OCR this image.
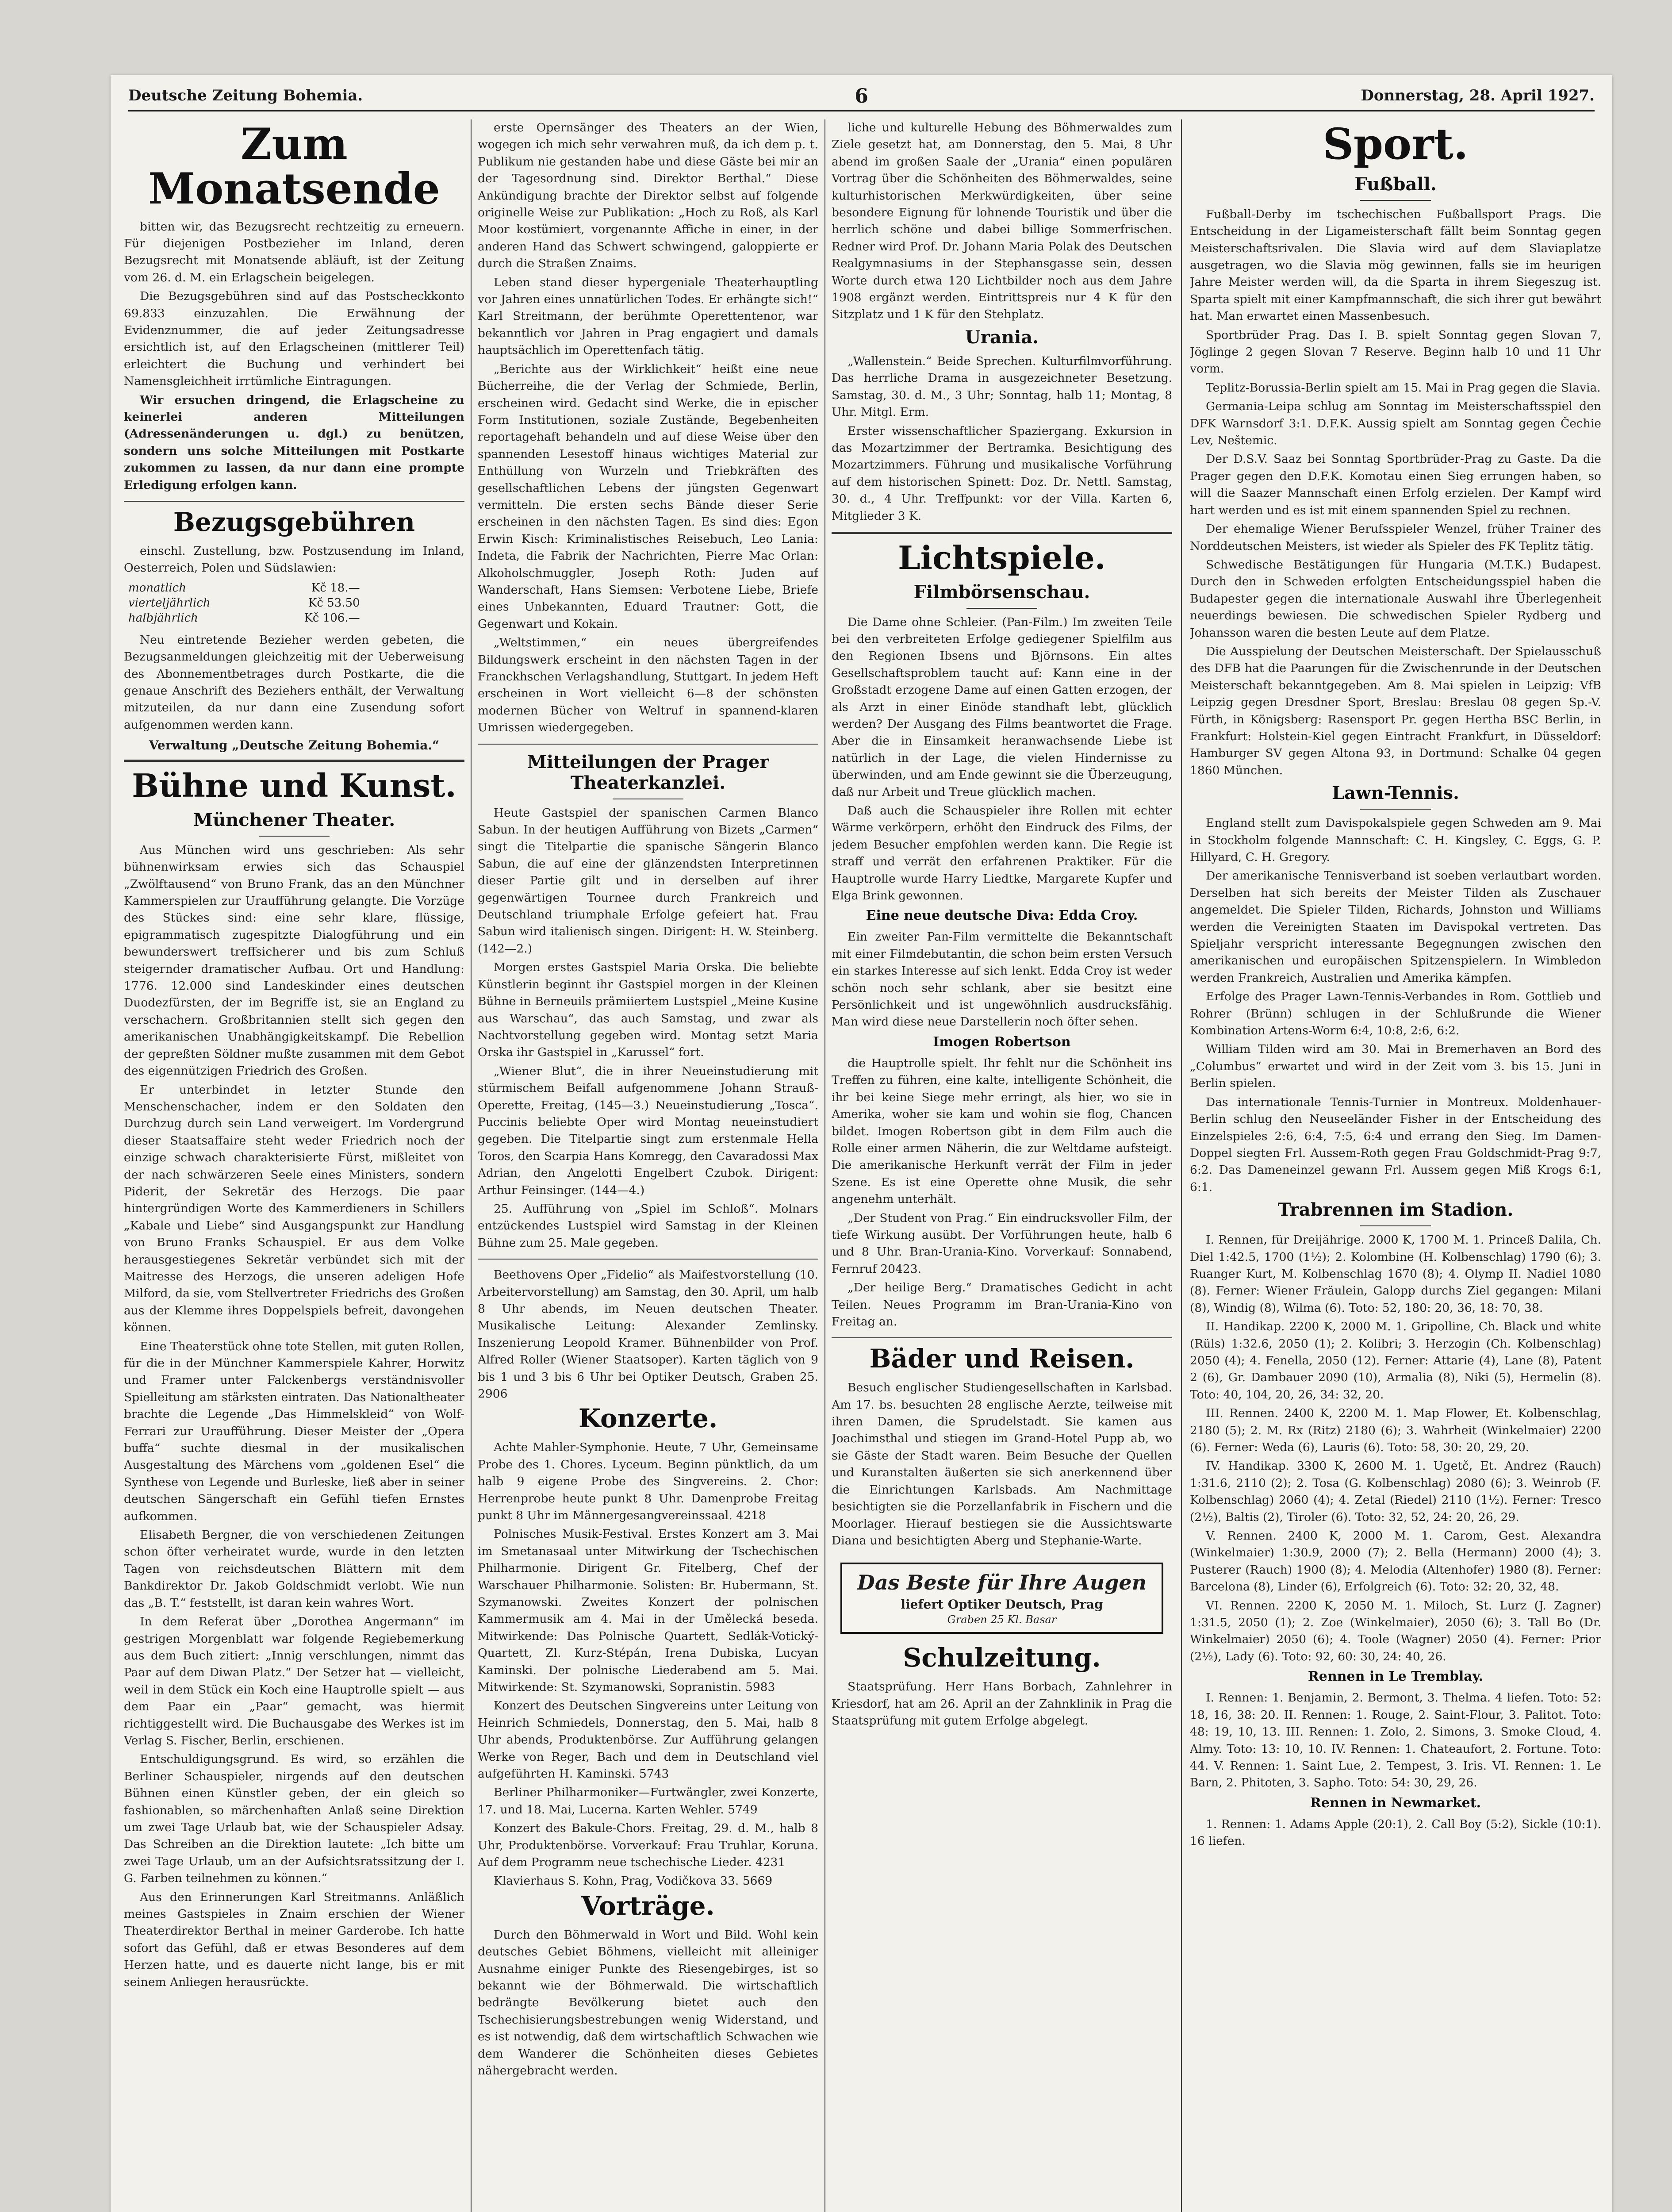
Deutsche Zeitung Bohemia.	6	Donnerstag, 28. April 1927.
Zum Monatsende

bitten wir, das Bezugsrecht rechtzeitig zu erneuern. Für diejenigen Postbezieher im Inland, deren Bezugsrecht mit Monatsende abläuft, ist der Zeitung vom 26. d. M. ein Erlagschein beigelegen.

Die Bezugsgebühren sind auf das Postscheckkonto 69.833 einzuzahlen. Die Erwähnung der Evidenznummer, die auf jeder Zeitungsadresse ersichtlich ist, auf den Erlagscheinen (mittlerer Teil) erleichtert die Buchung und verhindert bei Namensgleichheit irrtümliche Eintragungen.

Wir ersuchen dringend, die Erlagscheine zu keinerlei anderen Mitteilungen (Adressenänderungen u. dgl.) zu benützen, sondern uns solche Mitteilungen mit Postkarte zukommen zu lassen, da nur dann eine prompte Erledigung erfolgen kann.

Bezugsgebühren

einschl. Zustellung, bzw. Postzusendung im Inland, Oesterreich, Polen und Südslawien:

monatlich	Kč 18.—
vierteljährlich	Kč 53.50
halbjährlich	Kč 106.—

Neu eintretende Bezieher werden gebeten, die Bezugsanmeldungen gleichzeitig mit der Ueberweisung des Abonnementbetrages durch Postkarte, die die genaue Anschrift des Beziehers enthält, der Verwaltung mitzuteilen, da nur dann eine Zusendung sofort aufgenommen werden kann.

Verwaltung „Deutsche Zeitung Bohemia.“
Bühne und Kunst.
Münchener Theater.

Aus München wird uns geschrieben: Als sehr bühnenwirksam erwies sich das Schauspiel „Zwölftausend“ von Bruno Frank, das an den Münchner Kammerspielen zur Uraufführung gelangte. Die Vorzüge des Stückes sind: eine sehr klare, flüssige, epigrammatisch zugespitzte Dialogführung und ein bewunderswert treffsicherer und bis zum Schluß steigernder dramatischer Aufbau. Ort und Handlung: 1776. 12.000 sind Landeskinder eines deutschen Duodezfürsten, der im Begriffe ist, sie an England zu verschachern. Großbritannien stellt sich gegen den amerikanischen Unabhängigkeitskampf. Die Rebellion der gepreßten Söldner mußte zusammen mit dem Gebot des eigennützigen Friedrich des Großen.

Er unterbindet in letzter Stunde den Menschenschacher, indem er den Soldaten den Durchzug durch sein Land verweigert. Im Vordergrund dieser Staatsaffaire steht weder Friedrich noch der einzige schwach charakterisierte Fürst, mißleitet von der nach schwärzeren Seele eines Ministers, sondern Piderit, der Sekretär des Herzogs. Die paar hintergründigen Worte des Kammerdieners in Schillers „Kabale und Liebe“ sind Ausgangspunkt zur Handlung von Bruno Franks Schauspiel. Er aus dem Volke herausgestiegenes Sekretär verbündet sich mit der Maitresse des Herzogs, die unseren adeligen Hofe Milford, da sie, vom Stellvertreter Friedrichs des Großen aus der Klemme ihres Doppelspiels befreit, davongehen können.

Eine Theaterstück ohne tote Stellen, mit guten Rollen, für die in der Münchner Kammerspiele Kahrer, Horwitz und Framer unter Falckenbergs verständnisvoller Spielleitung am stärksten eintraten. Das Nationaltheater brachte die Legende „Das Himmelskleid“ von Wolf-Ferrari zur Uraufführung. Dieser Meister der „Opera buffa“ suchte diesmal in der musikalischen Ausgestaltung des Märchens vom „goldenen Esel“ die Synthese von Legende und Burleske, ließ aber in seiner deutschen Sängerschaft ein Gefühl tiefen Ernstes aufkommen.

Elisabeth Bergner, die von verschiedenen Zeitungen schon öfter verheiratet wurde, wurde in den letzten Tagen von reichsdeutschen Blättern mit dem Bankdirektor Dr. Jakob Goldschmidt verlobt. Wie nun das „B. T.“ feststellt, ist daran kein wahres Wort.

In dem Referat über „Dorothea Angermann“ im gestrigen Morgenblatt war folgende Regiebemerkung aus dem Buch zitiert: „Innig verschlungen, nimmt das Paar auf dem Diwan Platz.“ Der Setzer hat — vielleicht, weil in dem Stück ein Koch eine Hauptrolle spielt — aus dem Paar ein „Paar“ gemacht, was hiermit richtiggestellt wird. Die Buchausgabe des Werkes ist im Verlag S. Fischer, Berlin, erschienen.

Entschuldigungsgrund. Es wird, so erzählen die Berliner Schauspieler, nirgends auf den deutschen Bühnen einen Künstler geben, der ein gleich so fashionablen, so märchenhaften Anlaß seine Direktion um zwei Tage Urlaub bat, wie der Schauspieler Adsay. Das Schreiben an die Direktion lautete: „Ich bitte um zwei Tage Urlaub, um an der Aufsichtsratssitzung der I. G. Farben teilnehmen zu können.“

Aus den Erinnerungen Karl Streitmanns. Anläßlich meines Gastspieles in Znaim erschien der Wiener Theaterdirektor Berthal in meiner Garderobe. Ich hatte sofort das Gefühl, daß er etwas Besonderes auf dem Herzen hatte, und es dauerte nicht lange, bis er mit seinem Anliegen herausrückte.

erste Opernsänger des Theaters an der Wien, wogegen ich mich sehr verwahren muß, da ich dem p. t. Publikum nie gestanden habe und diese Gäste bei mir an der Tagesordnung sind. Direktor Berthal.“ Diese Ankündigung brachte der Direktor selbst auf folgende originelle Weise zur Publikation: „Hoch zu Roß, als Karl Moor kostümiert, vorgenannte Affiche in einer, in der anderen Hand das Schwert schwingend, galoppierte er durch die Straßen Znaims.

Leben stand dieser hypergeniale Theaterhauptling vor Jahren eines unnatürlichen Todes. Er erhängte sich!“ Karl Streitmann, der berühmte Operettentenor, war bekanntlich vor Jahren in Prag engagiert und damals hauptsächlich im Operettenfach tätig.

„Berichte aus der Wirklichkeit“ heißt eine neue Bücherreihe, die der Verlag der Schmiede, Berlin, erscheinen wird. Gedacht sind Werke, die in epischer Form Institutionen, soziale Zustände, Begebenheiten reportagehaft behandeln und auf diese Weise über den spannenden Lesestoff hinaus wichtiges Material zur Enthüllung von Wurzeln und Triebkräften des gesellschaftlichen Lebens der jüngsten Gegenwart vermitteln. Die ersten sechs Bände dieser Serie erscheinen in den nächsten Tagen. Es sind dies: Egon Erwin Kisch: Kriminalistisches Reisebuch, Leo Lania: Indeta, die Fabrik der Nachrichten, Pierre Mac Orlan: Alkoholschmuggler, Joseph Roth: Juden auf Wanderschaft, Hans Siemsen: Verbotene Liebe, Briefe eines Unbekannten, Eduard Trautner: Gott, die Gegenwart und Kokain.

„Weltstimmen,“ ein neues übergreifendes Bildungswerk erscheint in den nächsten Tagen in der Franckhschen Verlagshandlung, Stuttgart. In jedem Heft erscheinen in Wort vielleicht 6—8 der schönsten modernen Bücher von Weltruf in spannend-klaren Umrissen wiedergegeben.

Mitteilungen der Prager Theaterkanzlei.

Heute Gastspiel der spanischen Carmen Blanco Sabun. In der heutigen Aufführung von Bizets „Carmen“ singt die Titelpartie die spanische Sängerin Blanco Sabun, die auf eine der glänzendsten Interpretinnen dieser Partie gilt und in derselben auf ihrer gegenwärtigen Tournee durch Frankreich und Deutschland triumphale Erfolge gefeiert hat. Frau Sabun wird italienisch singen. Dirigent: H. W. Steinberg. (142—2.)

Morgen erstes Gastspiel Maria Orska. Die beliebte Künstlerin beginnt ihr Gastspiel morgen in der Kleinen Bühne in Berneuils prämiiertem Lustspiel „Meine Kusine aus Warschau“, das auch Samstag, und zwar als Nachtvorstellung gegeben wird. Montag setzt Maria Orska ihr Gastspiel in „Karussel“ fort.

„Wiener Blut“, die in ihrer Neueinstudierung mit stürmischem Beifall aufgenommene Johann Strauß-Operette, Freitag, (145—3.) Neueinstudierung „Tosca“. Puccinis beliebte Oper wird Montag neueinstudiert gegeben. Die Titelpartie singt zum erstenmale Hella Toros, den Scarpia Hans Komregg, den Cavaradossi Max Adrian, den Angelotti Engelbert Czubok. Dirigent: Arthur Feinsinger. (144—4.)

25. Aufführung von „Spiel im Schloß“. Molnars entzückendes Lustspiel wird Samstag in der Kleinen Bühne zum 25. Male gegeben.

Beethovens Oper „Fidelio“ als Maifestvorstellung (10. Arbeitervorstellung) am Samstag, den 30. April, um halb 8 Uhr abends, im Neuen deutschen Theater. Musikalische Leitung: Alexander Zemlinsky. Inszenierung Leopold Kramer. Bühnenbilder von Prof. Alfred Roller (Wiener Staatsoper). Karten täglich von 9 bis 1 und 3 bis 6 Uhr bei Optiker Deutsch, Graben 25. 2906

Konzerte.

Achte Mahler-Symphonie. Heute, 7 Uhr, Gemeinsame Probe des 1. Chores. Lyceum. Beginn pünktlich, da um halb 9 eigene Probe des Singvereins. 2. Chor: Herrenprobe heute punkt 8 Uhr. Damenprobe Freitag punkt 8 Uhr im Männergesangvereinssaal. 4218

Polnisches Musik-Festival. Erstes Konzert am 3. Mai im Smetanasaal unter Mitwirkung der Tschechischen Philharmonie. Dirigent Gr. Fitelberg, Chef der Warschauer Philharmonie. Solisten: Br. Hubermann, St. Szymanowski. Zweites Konzert der polnischen Kammermusik am 4. Mai in der Umělecká beseda. Mitwirkende: Das Polnische Quartett, Sedlák-Votický-Quartett, Zl. Kurz-Stépán, Irena Dubiska, Lucyan Kaminski. Der polnische Liederabend am 5. Mai. Mitwirkende: St. Szymanowski, Sopranistin. 5983

Konzert des Deutschen Singvereins unter Leitung von Heinrich Schmiedels, Donnerstag, den 5. Mai, halb 8 Uhr abends, Produktenbörse. Zur Aufführung gelangen Werke von Reger, Bach und dem in Deutschland viel aufgeführten H. Kaminski. 5743

Berliner Philharmoniker—Furtwängler, zwei Konzerte, 17. und 18. Mai, Lucerna. Karten Wehler. 5749

Konzert des Bakule-Chors. Freitag, 29. d. M., halb 8 Uhr, Produktenbörse. Vorverkauf: Frau Truhlar, Koruna. Auf dem Programm neue tschechische Lieder. 4231

Klavierhaus S. Kohn, Prag, Vodičkova 33. 5669

Vorträge.

Durch den Böhmerwald in Wort und Bild. Wohl kein deutsches Gebiet Böhmens, vielleicht mit alleiniger Ausnahme einiger Punkte des Riesengebirges, ist so bekannt wie der Böhmerwald. Die wirtschaftlich bedrängte Bevölkerung bietet auch den Tschechisierungsbestrebungen wenig Widerstand, und es ist notwendig, daß dem wirtschaftlich Schwachen wie dem Wanderer die Schönheiten dieses Gebietes nähergebracht werden.

liche und kulturelle Hebung des Böhmerwaldes zum Ziele gesetzt hat, am Donnerstag, den 5. Mai, 8 Uhr abend im großen Saale der „Urania“ einen populären Vortrag über die Schönheiten des Böhmerwaldes, seine kulturhistorischen Merkwürdigkeiten, über seine besondere Eignung für lohnende Touristik und über die herrlich schöne und dabei billige Sommerfrischen. Redner wird Prof. Dr. Johann Maria Polak des Deutschen Realgymnasiums in der Stephansgasse sein, dessen Worte durch etwa 120 Lichtbilder noch aus dem Jahre 1908 ergänzt werden. Eintrittspreis nur 4 K für den Sitzplatz und 1 K für den Stehplatz.

Urania.

„Wallenstein.“ Beide Sprechen. Kulturfilmvorführung. Das herrliche Drama in ausgezeichneter Besetzung. Samstag, 30. d. M., 3 Uhr; Sonntag, halb 11; Montag, 8 Uhr. Mitgl. Erm.

Erster wissenschaftlicher Spaziergang. Exkursion in das Mozartzimmer der Bertramka. Besichtigung des Mozartzimmers. Führung und musikalische Vorführung auf dem historischen Spinett: Doz. Dr. Nettl. Samstag, 30. d., 4 Uhr. Treffpunkt: vor der Villa. Karten 6, Mitglieder 3 K.

Lichtspiele.
Filmbörsenschau.

Die Dame ohne Schleier. (Pan-Film.) Im zweiten Teile bei den verbreiteten Erfolge gediegener Spielfilm aus den Regionen Ibsens und Björnsons. Ein altes Gesellschaftsproblem taucht auf: Kann eine in der Großstadt erzogene Dame auf einen Gatten erzogen, der als Arzt in einer Einöde standhaft lebt, glücklich werden? Der Ausgang des Films beantwortet die Frage. Aber die in Einsamkeit heranwachsende Liebe ist natürlich in der Lage, die vielen Hindernisse zu überwinden, und am Ende gewinnt sie die Überzeugung, daß nur Arbeit und Treue glücklich machen.

Daß auch die Schauspieler ihre Rollen mit echter Wärme verkörpern, erhöht den Eindruck des Films, der jedem Besucher empfohlen werden kann. Die Regie ist straff und verrät den erfahrenen Praktiker. Für die Hauptrolle wurde Harry Liedtke, Margarete Kupfer und Elga Brink gewonnen.

Eine neue deutsche Diva: Edda Croy.

Ein zweiter Pan-Film vermittelte die Bekanntschaft mit einer Filmdebutantin, die schon beim ersten Versuch ein starkes Interesse auf sich lenkt. Edda Croy ist weder schön noch sehr schlank, aber sie besitzt eine Persönlichkeit und ist ungewöhnlich ausdrucksfähig. Man wird diese neue Darstellerin noch öfter sehen.

Imogen Robertson

die Hauptrolle spielt. Ihr fehlt nur die Schönheit ins Treffen zu führen, eine kalte, intelligente Schönheit, die ihr bei keine Siege mehr erringt, als hier, wo sie in Amerika, woher sie kam und wohin sie flog, Chancen bildet. Imogen Robertson gibt in dem Film auch die Rolle einer armen Näherin, die zur Weltdame aufsteigt. Die amerikanische Herkunft verrät der Film in jeder Szene. Es ist eine Operette ohne Musik, die sehr angenehm unterhält.

„Der Student von Prag.“ Ein eindrucksvoller Film, der tiefe Wirkung ausübt. Der Vorführungen heute, halb 6 und 8 Uhr. Bran-Urania-Kino. Vorverkauf: Sonnabend, Fernruf 20423.

„Der heilige Berg.“ Dramatisches Gedicht in acht Teilen. Neues Programm im Bran-Urania-Kino von Freitag an.

Bäder und Reisen.

Besuch englischer Studiengesellschaften in Karlsbad. Am 17. bs. besuchten 28 englische Aerzte, teilweise mit ihren Damen, die Sprudelstadt. Sie kamen aus Joachimsthal und stiegen im Grand-Hotel Pupp ab, wo sie Gäste der Stadt waren. Beim Besuche der Quellen und Kuranstalten äußerten sie sich anerkennend über die Einrichtungen Karlsbads. Am Nachmittage besichtigten sie die Porzellanfabrik in Fischern und die Moorlager. Hierauf bestiegen sie die Aussichtswarte Diana und besichtigten Aberg und Stephanie-Warte.

Das Beste für Ihre Augen
liefert Optiker Deutsch, Prag
Graben 25 Kl. Basar
Schulzeitung.

Staatsprüfung. Herr Hans Borbach, Zahnlehrer in Kriesdorf, hat am 26. April an der Zahnklinik in Prag die Staatsprüfung mit gutem Erfolge abgelegt.

Sport.
Fußball.

Fußball-Derby im tschechischen Fußballsport Prags. Die Entscheidung in der Ligameisterschaft fällt beim Sonntag gegen Meisterschaftsrivalen. Die Slavia wird auf dem Slaviaplatze ausgetragen, wo die Slavia mög gewinnen, falls sie im heurigen Jahre Meister werden will, da die Sparta in ihrem Siegeszug ist. Sparta spielt mit einer Kampfmannschaft, die sich ihrer gut bewährt hat. Man erwartet einen Massenbesuch.

Sportbrüder Prag. Das I. B. spielt Sonntag gegen Slovan 7, Jöglinge 2 gegen Slovan 7 Reserve. Beginn halb 10 und 11 Uhr vorm.

Teplitz-Borussia-Berlin spielt am 15. Mai in Prag gegen die Slavia.

Germania-Leipa schlug am Sonntag im Meisterschaftsspiel den DFK Warnsdorf 3:1. D.F.K. Aussig spielt am Sonntag gegen Čechie Lev, Neštemic.

Der D.S.V. Saaz bei Sonntag Sportbrüder-Prag zu Gaste. Da die Prager gegen den D.F.K. Komotau einen Sieg errungen haben, so will die Saazer Mannschaft einen Erfolg erzielen. Der Kampf wird hart werden und es ist mit einem spannenden Spiel zu rechnen.

Der ehemalige Wiener Berufsspieler Wenzel, früher Trainer des Norddeutschen Meisters, ist wieder als Spieler des FK Teplitz tätig.

Schwedische Bestätigungen für Hungaria (M.T.K.) Budapest. Durch den in Schweden erfolgten Entscheidungsspiel haben die Budapester gegen die internationale Auswahl ihre Überlegenheit neuerdings bewiesen. Die schwedischen Spieler Rydberg und Johansson waren die besten Leute auf dem Platze.

Die Ausspielung der Deutschen Meisterschaft. Der Spielausschuß des DFB hat die Paarungen für die Zwischenrunde in der Deutschen Meisterschaft bekanntgegeben. Am 8. Mai spielen in Leipzig: VfB Leipzig gegen Dresdner Sport, Breslau: Breslau 08 gegen Sp.-V. Fürth, in Königsberg: Rasensport Pr. gegen Hertha BSC Berlin, in Frankfurt: Holstein-Kiel gegen Eintracht Frankfurt, in Düsseldorf: Hamburger SV gegen Altona 93, in Dortmund: Schalke 04 gegen 1860 München.

Lawn-Tennis.

England stellt zum Davispokalspiele gegen Schweden am 9. Mai in Stockholm folgende Mannschaft: C. H. Kingsley, C. Eggs, G. P. Hillyard, C. H. Gregory.

Der amerikanische Tennisverband ist soeben verlautbart worden. Derselben hat sich bereits der Meister Tilden als Zuschauer angemeldet. Die Spieler Tilden, Richards, Johnston und Williams werden die Vereinigten Staaten im Davispokal vertreten. Das Spieljahr verspricht interessante Begegnungen zwischen den amerikanischen und europäischen Spitzenspielern. In Wimbledon werden Frankreich, Australien und Amerika kämpfen.

Erfolge des Prager Lawn-Tennis-Verbandes in Rom. Gottlieb und Rohrer (Brünn) schlugen in der Schlußrunde die Wiener Kombination Artens-Worm 6:4, 10:8, 2:6, 6:2.

William Tilden wird am 30. Mai in Bremerhaven an Bord des „Columbus“ erwartet und wird in der Zeit vom 3. bis 15. Juni in Berlin spielen.

Das internationale Tennis-Turnier in Montreux. Moldenhauer-Berlin schlug den Neuseeländer Fisher in der Entscheidung des Einzelspieles 2:6, 6:4, 7:5, 6:4 und errang den Sieg. Im Damen-Doppel siegten Frl. Aussem-Roth gegen Frau Goldschmidt-Prag 9:7, 6:2. Das Dameneinzel gewann Frl. Aussem gegen Miß Krogs 6:1, 6:1.

Trabrennen im Stadion.

I. Rennen, für Dreijährige. 2000 K, 1700 M. 1. Princeß Dalila, Ch. Diel 1:42.5, 1700 (1½); 2. Kolombine (H. Kolbenschlag) 1790 (6); 3. Ruanger Kurt, M. Kolbenschlag 1670 (8); 4. Olymp II. Nadiel 1080 (8). Ferner: Wiener Fräulein, Galopp durchs Ziel gegangen: Milani (8), Windig (8), Wilma (6). Toto: 52, 180: 20, 36, 18: 70, 38.

II. Handikap. 2200 K, 2000 M. 1. Gripolline, Ch. Black und white (Rüls) 1:32.6, 2050 (1); 2. Kolibri; 3. Herzogin (Ch. Kolbenschlag) 2050 (4); 4. Fenella, 2050 (12). Ferner: Attarie (4), Lane (8), Patent 2 (6), Gr. Dambauer 2090 (10), Armalia (8), Niki (5), Hermelin (8). Toto: 40, 104, 20, 26, 34: 32, 20.

III. Rennen. 2400 K, 2200 M. 1. Map Flower, Et. Kolbenschlag, 2180 (5); 2. M. Rx (Ritz) 2180 (6); 3. Wahrheit (Winkelmaier) 2200 (6). Ferner: Weda (6), Lauris (6). Toto: 58, 30: 20, 29, 20.

IV. Handikap. 3300 K, 2600 M. 1. Ugetč, Et. Andrez (Rauch) 1:31.6, 2110 (2); 2. Tosa (G. Kolbenschlag) 2080 (6); 3. Weinrob (F. Kolbenschlag) 2060 (4); 4. Zetal (Riedel) 2110 (1½). Ferner: Tresco (2½), Baltis (2), Tiroler (6). Toto: 32, 52, 24: 20, 26, 29.

V. Rennen. 2400 K, 2000 M. 1. Carom, Gest. Alexandra (Winkelmaier) 1:30.9, 2000 (7); 2. Bella (Hermann) 2000 (4); 3. Pusterer (Rauch) 1900 (8); 4. Melodia (Altenhofer) 1980 (8). Ferner: Barcelona (8), Linder (6), Erfolgreich (6). Toto: 32: 20, 32, 48.

VI. Rennen. 2200 K, 2050 M. 1. Miloch, St. Lurz (J. Zagner) 1:31.5, 2050 (1); 2. Zoe (Winkelmaier), 2050 (6); 3. Tall Bo (Dr. Winkelmaier) 2050 (6); 4. Toole (Wagner) 2050 (4). Ferner: Prior (2½), Lady (6). Toto: 92, 60: 30, 24: 40, 26.

Rennen in Le Tremblay.

I. Rennen: 1. Benjamin, 2. Bermont, 3. Thelma. 4 liefen. Toto: 52: 18, 16, 38: 20. II. Rennen: 1. Rouge, 2. Saint-Flour, 3. Palitot. Toto: 48: 19, 10, 13. III. Rennen: 1. Zolo, 2. Simons, 3. Smoke Cloud, 4. Almy. Toto: 13: 10, 10. IV. Rennen: 1. Chateaufort, 2. Fortune. Toto: 44. V. Rennen: 1. Saint Lue, 2. Tempest, 3. Iris. VI. Rennen: 1. Le Barn, 2. Phitoten, 3. Sapho. Toto: 54: 30, 29, 26.

Rennen in Newmarket.

1. Rennen: 1. Adams Apple (20:1), 2. Call Boy (5:2), Sickle (10:1). 16 liefen.
